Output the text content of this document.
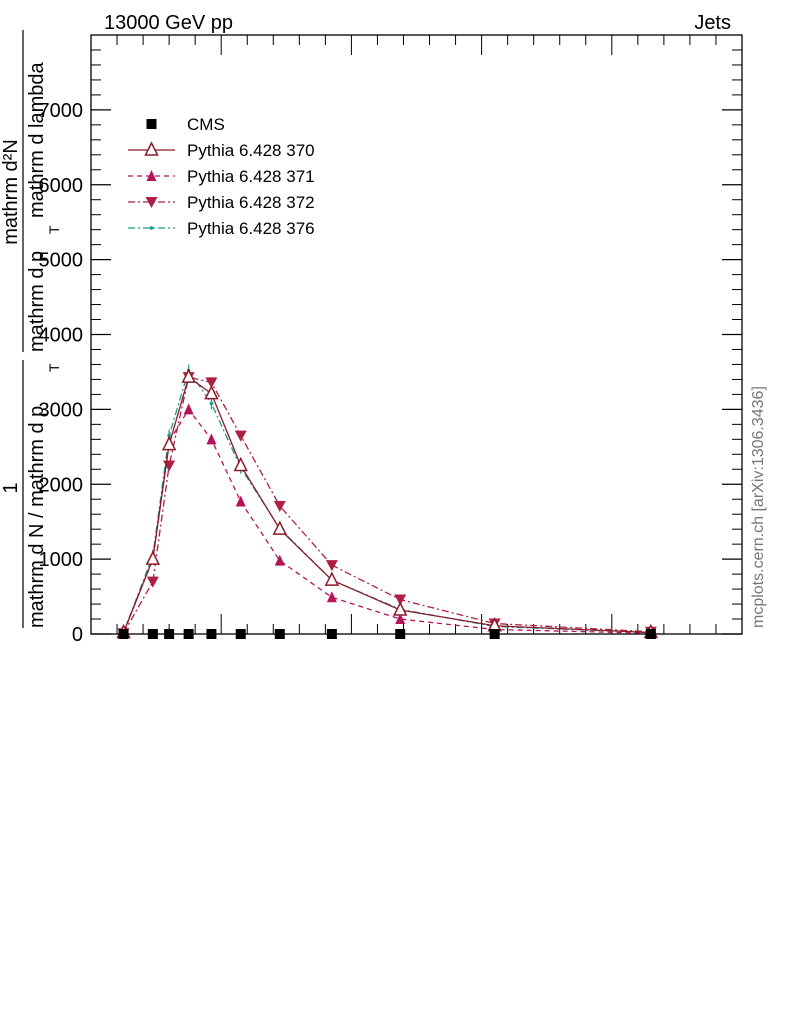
13000 GeV pp	Jets
mcplots.cern.ch [arXiv:1306.3436]
1 mathrm d N / mathrm d p
T
mathrm d²N
mathrm d p
T
mathrm d lambda
0
1000
2000
3000
4000
5000
6000
7000
CMS
Pythia 6.428 370
Pythia 6.428 371
Pythia 6.428 372
Pythia 6.428 376
